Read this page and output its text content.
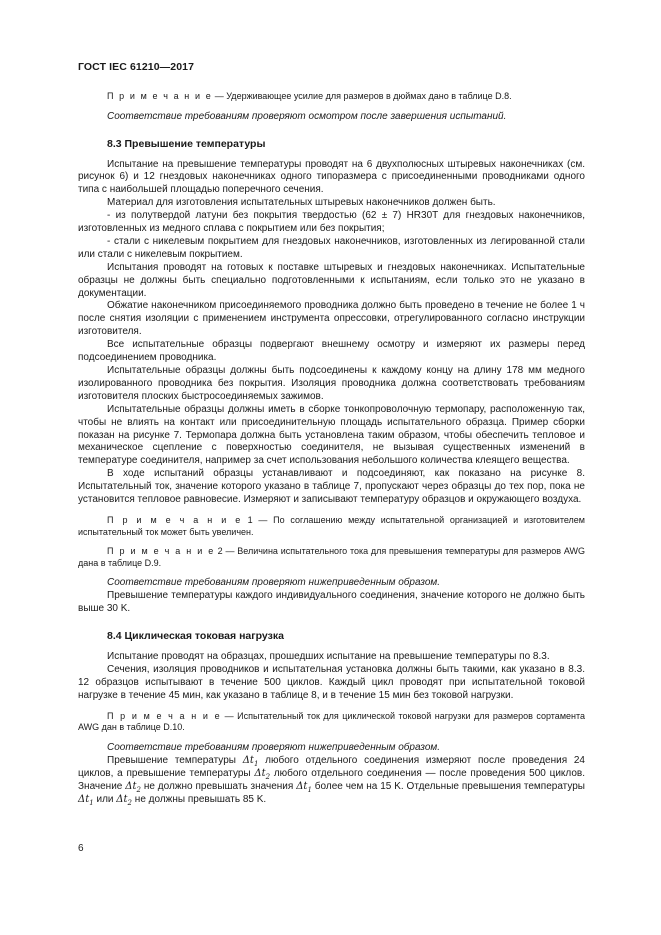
ГОСТ IEC 61210—2017

П р и м е ч а н и е — Удерживающее усилие для размеров в дюймах дано в таблице D.8.

Соответствие требованиям проверяют осмотром после завершения испытаний.

8.3 Превышение температуры

Испытание на превышение температуры проводят на 6 двухполюсных штыревых наконечниках (см. рисунок 6) и 12 гнездовых наконечниках одного типоразмера с присоединенными проводниками одного типа с наибольшей площадью поперечного сечения.

Материал для изготовления испытательных штыревых наконечников должен быть.

- из полутвердой латуни без покрытия твердостью (62 ± 7) HR30T для гнездовых наконечников, изготовленных из медного сплава с покрытием или без покрытия;

- стали с никелевым покрытием для гнездовых наконечников, изготовленных из легированной стали или стали с никелевым покрытием.

Испытания проводят на готовых к поставке штыревых и гнездовых наконечниках. Испытательные образцы не должны быть специально подготовленными к испытаниям, если только это не указано в документации.

Обжатие наконечником присоединяемого проводника должно быть проведено в течение не более 1 ч после снятия изоляции с применением инструмента опрессовки, отрегулированного согласно инструкции изготовителя.

Все испытательные образцы подвергают внешнему осмотру и измеряют их размеры перед подсоединением проводника.

Испытательные образцы должны быть подсоединены к каждому концу на длину 178 мм медного изолированного проводника без покрытия. Изоляция проводника должна соответствовать требованиям изготовителя плоских быстросоединяемых зажимов.

Испытательные образцы должны иметь в сборке тонкопроволочную термопару, расположенную так, чтобы не влиять на контакт или присоединительную площадь испытательного образца. Пример сборки показан на рисунке 7. Термопара должна быть установлена таким образом, чтобы обеспечить тепловое и механическое сцепление с поверхностью соединителя, не вызывая существенных изменений в температуре соединителя, например за счет использования небольшого количества клеящего вещества.

В ходе испытаний образцы устанавливают и подсоединяют, как показано на рисунке 8. Испытательный ток, значение которого указано в таблице 7, пропускают через образцы до тех пор, пока не установится тепловое равновесие. Измеряют и записывают температуру образцов и окружающего воздуха.

П р и м е ч а н и е 1 — По соглашению между испытательной организацией и изготовителем испытательный ток может быть увеличен.

П р и м е ч а н и е 2 — Величина испытательного тока для превышения температуры для размеров AWG дана в таблице D.9.

Соответствие требованиям проверяют нижеприведенным образом.

Превышение температуры каждого индивидуального соединения, значение которого не должно быть выше 30 K.

8.4 Циклическая токовая нагрузка

Испытание проводят на образцах, прошедших испытание на превышение температуры по 8.3.

Сечения, изоляция проводников и испытательная установка должны быть такими, как указано в 8.3. 12 образцов испытывают в течение 500 циклов. Каждый цикл проводят при испытательной токовой нагрузке в течение 45 мин, как указано в таблице 8, и в течение 15 мин без токовой нагрузки.

П р и м е ч а н и е — Испытательный ток для циклической токовой нагрузки для размеров сортамента AWG дан в таблице D.10.

Соответствие требованиям проверяют нижеприведенным образом.

Превышение температуры $\Delta t_1$ любого отдельного соединения измеряют после проведения 24 циклов, а превышение температуры $\Delta t_2$ любого отдельного соединения — после проведения 500 циклов. Значение $\Delta t_2$ не должно превышать значения $\Delta t_1$ более чем на 15 K. Отдельные превышения температуры $\Delta t_1$ или $\Delta t_2$ не должны превышать 85 K.

6
